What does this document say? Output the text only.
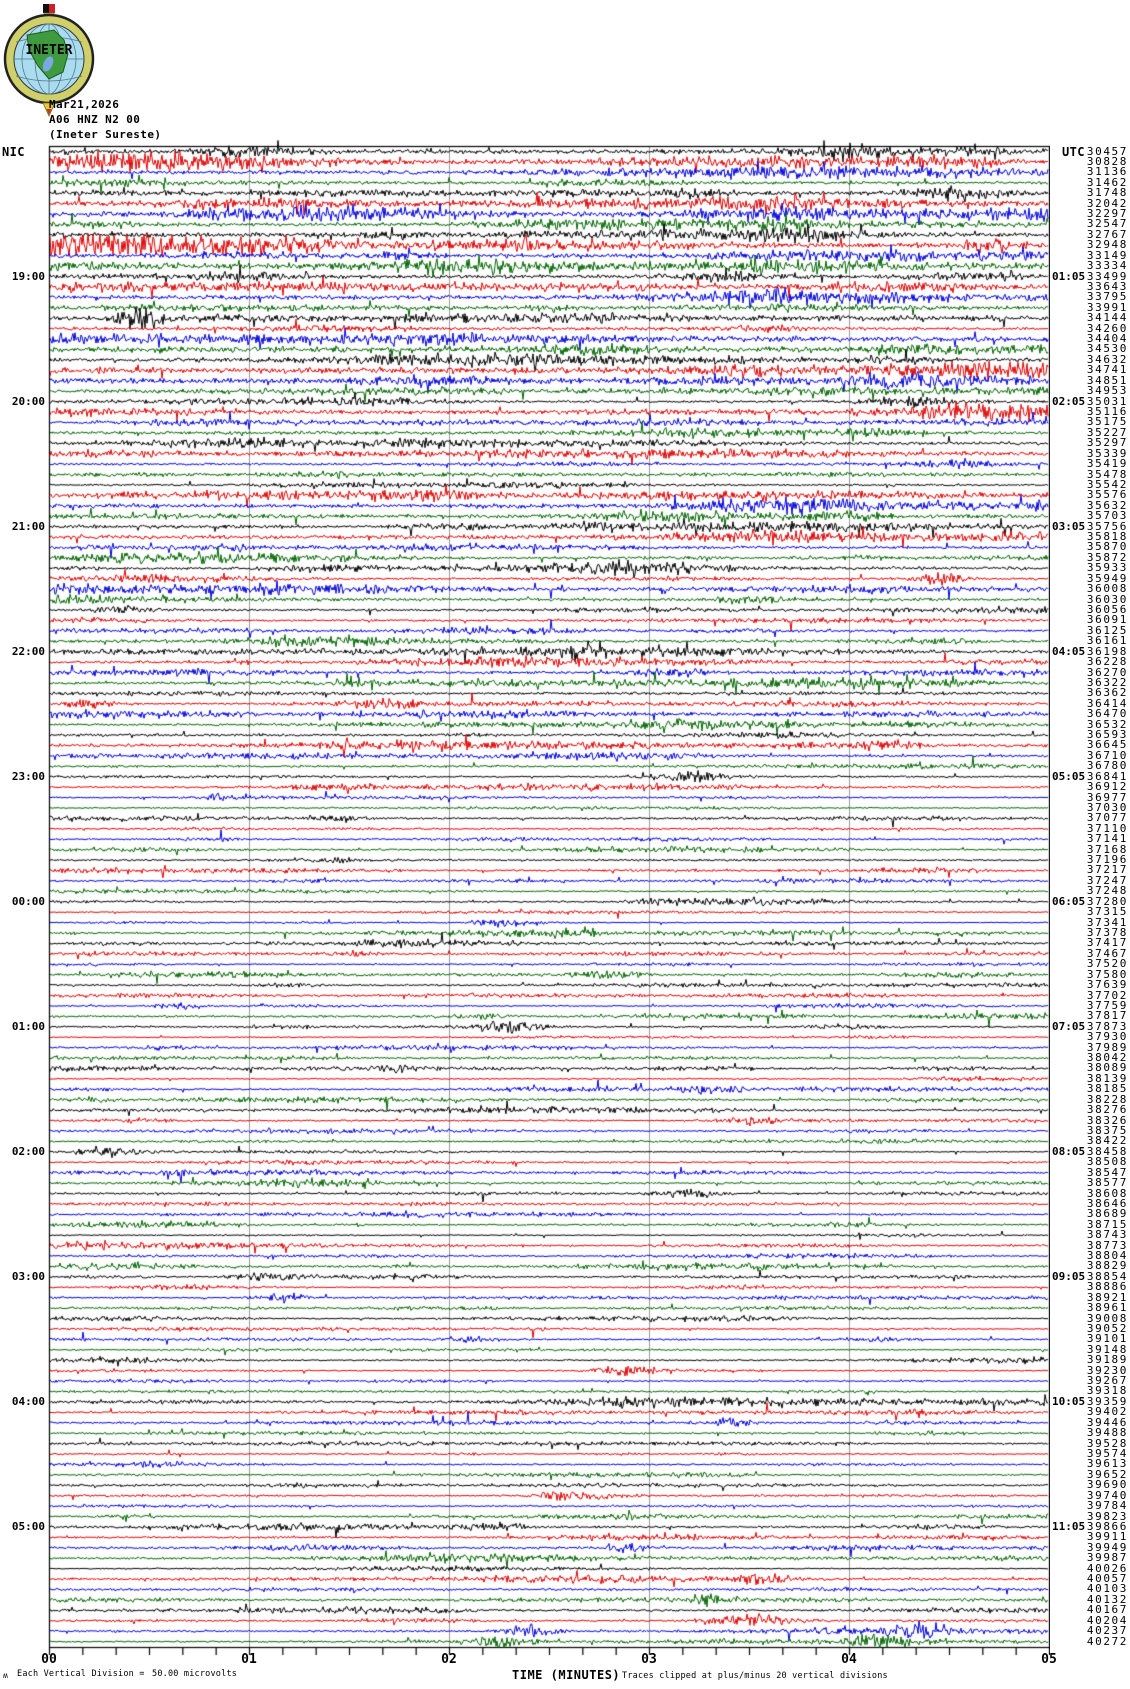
INETER
Mar21,2026
A06 HNZ N2 00
NIC	UTC
19:00
20:00
21:00
22:00
23:00
00:00
01:00
02:00
03:00
04:00
05:00
01:05
02:05
03:05
04:05
05:05
06:05
07:05
08:05
09:05
10:05
11:05
30457
30828
31136
31462
31748
32042
32297
32547
32767
32948
33149
33334
33499
33643
33795
33991
34144
34260
34404
34530
34632
34741
34851
34953
35031
35116
35175
35227
35297
35339
35419
35478
35542
35576
35632
35703
35756
35818
35870
35872
35933
35949
36008
36030
36056
36091
36125
36161
36198
36228
36270
36322
36362
36414
36470
36532
36593
36645
36710
36780
36841
36912
36977
37030
37077
37110
37141
37168
37196
37217
37247
37248
37280
37315
37341
37378
37417
37467
37520
37580
37639
37702
37759
37817
37873
37930
37989
38042
38089
38139
38185
38228
38276
38326
38375
38422
38458
38508
38547
38577
38608
38646
38689
38715
38743
38773
38804
38829
38854
38886
38921
38961
39008
39052
39101
39148
39189
39230
39267
39318
39359
39402
39446
39488
39528
39574
39613
39652
39690
39740
39784
39823
39866
39911
39949
39987
40026
40057
40103
40132
40167
40204
40237
40272
00	01	02	03	04	05
ʍ Each Vertical Division = 50.00 microvolts	TIME (MINUTES) Traces clipped at plus/minus 20 vertical divisions
